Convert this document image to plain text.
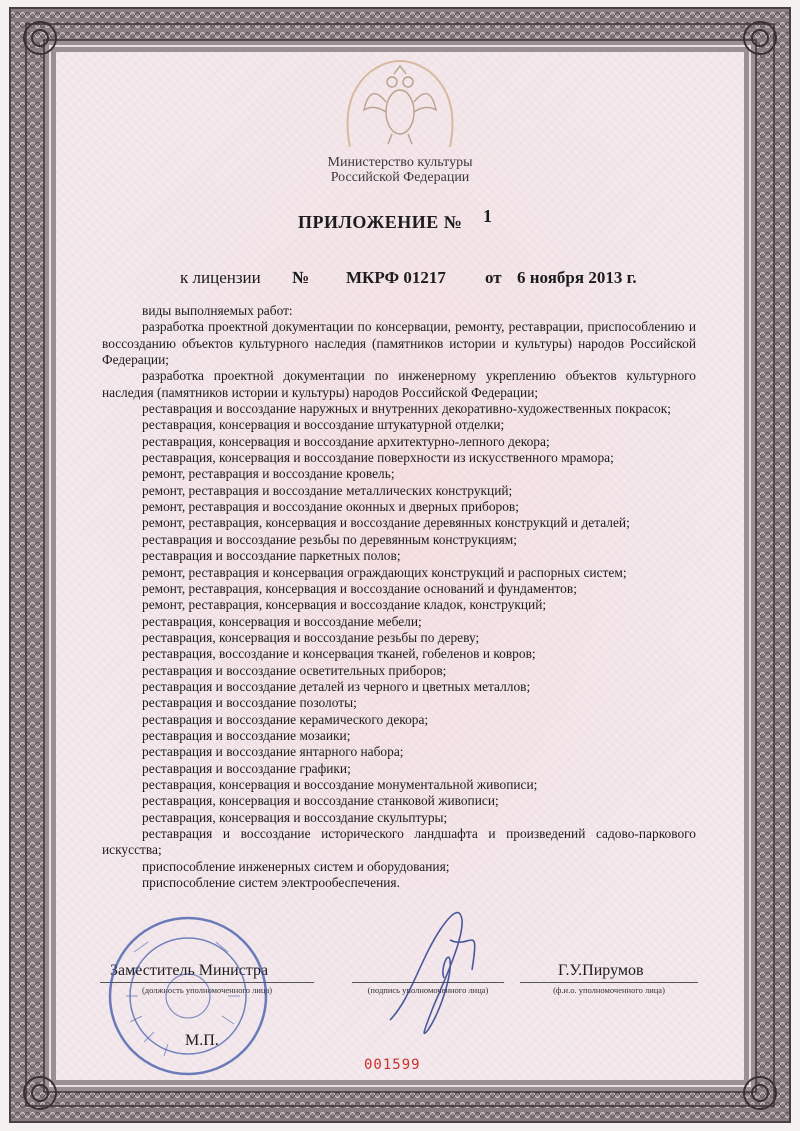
Министерство культуры
Российской Федерации
ПРИЛОЖЕНИЕ № 1
к лицензии № МКРФ 01217 от 6 ноября 2013 г.
виды выполняемых работ:
разработка проектной документации по консервации, ремонту, реставрации, приспособлению и воссозданию объектов культурного наследия (памятников истории и культуры) народов Российской Федерации;
разработка проектной документации по инженерному укреплению объектов культурного наследия (памятников истории и культуры) народов Российской Федерации;
реставрация и воссоздание наружных и внутренних декоративно-художественных покрасок;
реставрация, консервация и воссоздание штукатурной отделки;
реставрация, консервация и воссоздание архитектурно-лепного декора;
реставрация, консервация и воссоздание поверхности из искусственного мрамора;
ремонт, реставрация и воссоздание кровель;
ремонт, реставрация и воссоздание металлических конструкций;
ремонт, реставрация и воссоздание оконных и дверных приборов;
ремонт, реставрация, консервация и воссоздание деревянных конструкций и деталей;
реставрация и воссоздание резьбы по деревянным конструкциям;
реставрация и воссоздание паркетных полов;
ремонт, реставрация и консервация ограждающих конструкций и распорных систем;
ремонт, реставрация, консервация и воссоздание оснований и фундаментов;
ремонт, реставрация, консервация и воссоздание кладок, конструкций;
реставрация, консервация и воссоздание мебели;
реставрация, консервация и воссоздание резьбы по дереву;
реставрация, воссоздание и консервация тканей, гобеленов и ковров;
реставрация и воссоздание осветительных приборов;
реставрация и воссоздание деталей из черного и цветных металлов;
реставрация и воссоздание позолоты;
реставрация и воссоздание керамического декора;
реставрация и воссоздание мозаики;
реставрация и воссоздание янтарного набора;
реставрация и воссоздание графики;
реставрация, консервация и воссоздание монументальной живописи;
реставрация, консервация и воссоздание станковой живописи;
реставрация, консервация и воссоздание скульптуры;
реставрация и воссоздание исторического ландшафта и произведений садово-паркового искусства;
приспособление инженерных систем и оборудования;
приспособление систем электрообеспечения.
Заместитель Министра
(должность уполномоченного лица)	(подпись уполномоченного лица)
Г.У.Пирумов
(ф.и.о. уполномоченного лица)
М.П.
001599
